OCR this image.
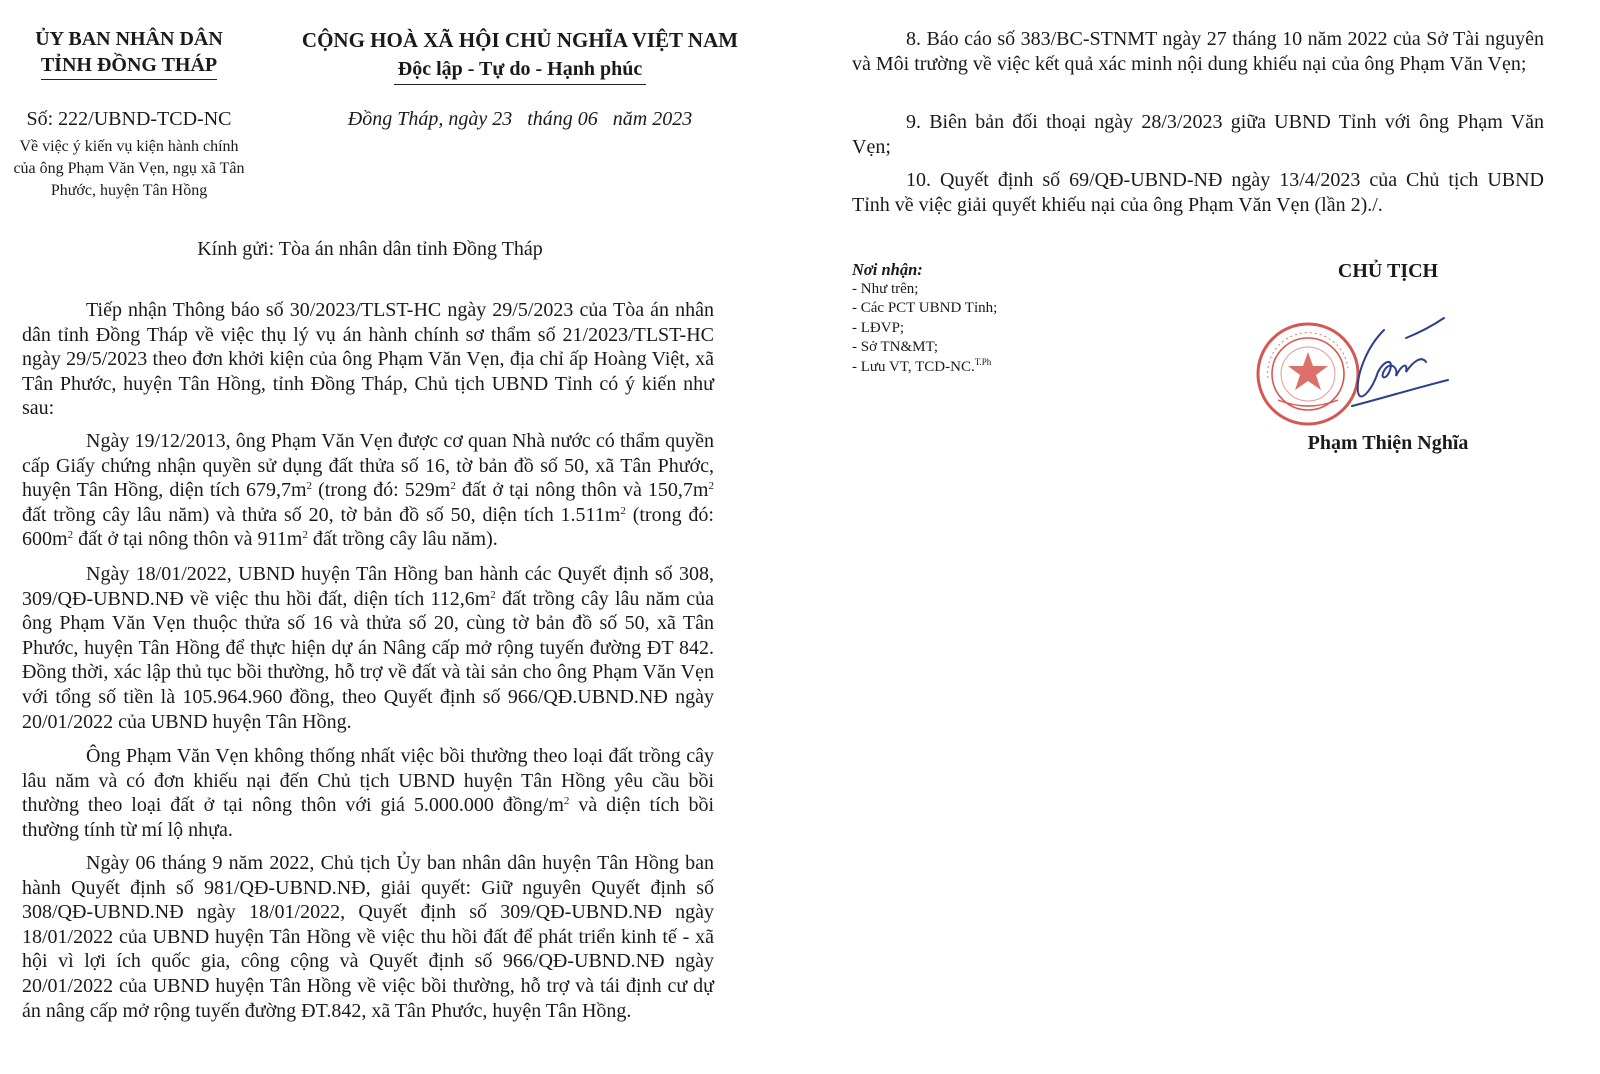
ỦY BAN NHÂN DÂN
TỈNH ĐỒNG THÁP
Số: 222/UBND-TCD-NC
Về việc ý kiến vụ kiện hành chính
của ông Phạm Văn Vẹn, ngụ xã Tân
Phước, huyện Tân Hồng
CỘNG HOÀ XÃ HỘI CHỦ NGHĨA VIỆT NAM
Độc lập - Tự do - Hạnh phúc
Đồng Tháp, ngày 23   tháng 06   năm 2023
Kính gửi: Tòa án nhân dân tỉnh Đồng Tháp

Tiếp nhận Thông báo số 30/2023/TLST-HC ngày 29/5/2023 của Tòa án nhân dân tỉnh Đồng Tháp về việc thụ lý vụ án hành chính sơ thẩm số 21/2023/TLST-HC ngày 29/5/2023 theo đơn khởi kiện của ông Phạm Văn Vẹn, địa chỉ ấp Hoàng Việt, xã Tân Phước, huyện Tân Hồng, tỉnh Đồng Tháp, Chủ tịch UBND Tỉnh có ý kiến như sau:

Ngày 19/12/2013, ông Phạm Văn Vẹn được cơ quan Nhà nước có thẩm quyền cấp Giấy chứng nhận quyền sử dụng đất thửa số 16, tờ bản đồ số 50, xã Tân Phước, huyện Tân Hồng, diện tích $679,7m^2$ (trong đó: $529m^2$ đất ở tại nông thôn và $150,7m^2$ đất trồng cây lâu năm) và thửa số 20, tờ bản đồ số 50, diện tích $1.511m^2$ (trong đó: $600m^2$ đất ở tại nông thôn và $911m^2$ đất trồng cây lâu năm).

Ngày 18/01/2022, UBND huyện Tân Hồng ban hành các Quyết định số 308, 309/QĐ-UBND.NĐ về việc thu hồi đất, diện tích $112,6m^2$ đất trồng cây lâu năm của ông Phạm Văn Vẹn thuộc thửa số 16 và thửa số 20, cùng tờ bản đồ số 50, xã Tân Phước, huyện Tân Hồng để thực hiện dự án Nâng cấp mở rộng tuyến đường ĐT 842. Đồng thời, xác lập thủ tục bồi thường, hỗ trợ về đất và tài sản cho ông Phạm Văn Vẹn với tổng số tiền là 105.964.960 đồng, theo Quyết định số 966/QĐ.UBND.NĐ ngày 20/01/2022 của UBND huyện Tân Hồng.

Ông Phạm Văn Vẹn không thống nhất việc bồi thường theo loại đất trồng cây lâu năm và có đơn khiếu nại đến Chủ tịch UBND huyện Tân Hồng yêu cầu bồi thường theo loại đất ở tại nông thôn với giá 5.000.000 đồng/$m^2$ và diện tích bồi thường tính từ mí lộ nhựa.

Ngày 06 tháng 9 năm 2022, Chủ tịch Ủy ban nhân dân huyện Tân Hồng ban hành Quyết định số 981/QĐ-UBND.NĐ, giải quyết: Giữ nguyên Quyết định số 308/QĐ-UBND.NĐ ngày 18/01/2022, Quyết định số 309/QĐ-UBND.NĐ ngày 18/01/2022 của UBND huyện Tân Hồng về việc thu hồi đất để phát triển kinh tế - xã hội vì lợi ích quốc gia, công cộng và Quyết định số 966/QĐ-UBND.NĐ ngày 20/01/2022 của UBND huyện Tân Hồng về việc bồi thường, hỗ trợ và tái định cư dự án nâng cấp mở rộng tuyến đường ĐT.842, xã Tân Phước, huyện Tân Hồng.

8. Báo cáo số 383/BC-STNMT ngày 27 tháng 10 năm 2022 của Sở Tài nguyên và Môi trường về việc kết quả xác minh nội dung khiếu nại của ông Phạm Văn Vẹn;

9. Biên bản đối thoại ngày 28/3/2023 giữa UBND Tỉnh với ông Phạm Văn Vẹn;

10. Quyết định số 69/QĐ-UBND-NĐ ngày 13/4/2023 của Chủ tịch UBND Tỉnh về việc giải quyết khiếu nại của ông Phạm Văn Vẹn (lần 2)./.

Nơi nhận:
- Như trên;
- Các PCT UBND Tỉnh;
- LĐVP;
- Sở TN&MT;
- Lưu VT, TCD-NC.$^{T.Ph}$
CHỦ TỊCH
Phạm Thiện Nghĩa
